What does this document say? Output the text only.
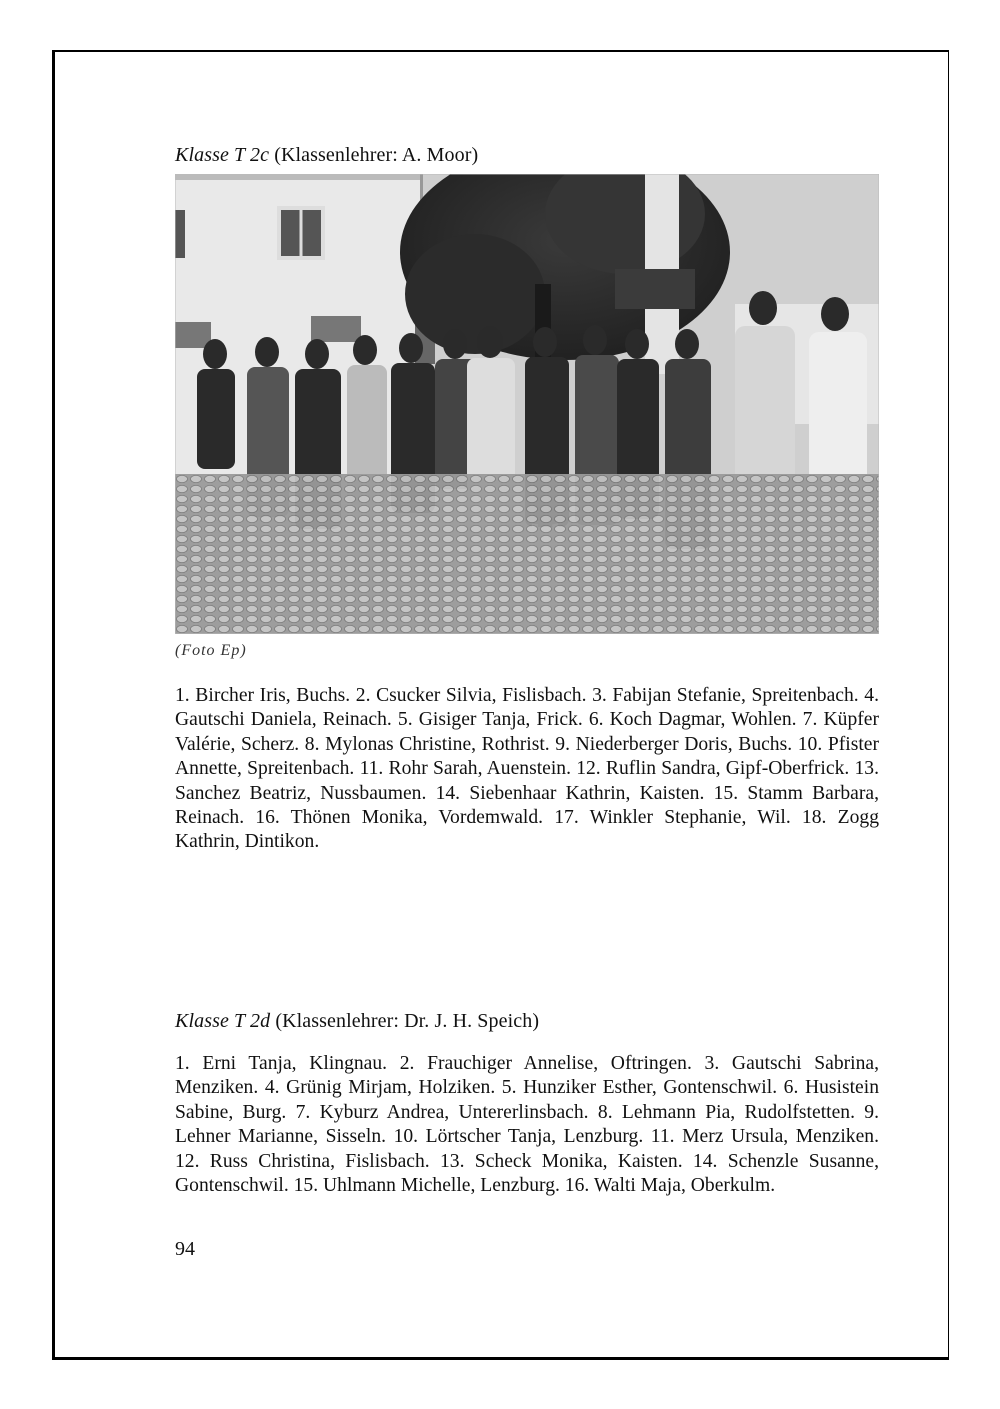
Klasse T 2c (Klassenlehrer: A. Moor)
(Foto Ep)

1. Bircher Iris, Buchs. 2. Csucker Silvia, Fislisbach. 3. Fabijan Stefanie, Spreitenbach. 4. Gautschi Daniela, Reinach. 5. Gisiger Tanja, Frick. 6. Koch Dagmar, Wohlen. 7. Küpfer Valérie, Scherz. 8. Mylonas Christine, Rothrist. 9. Niederberger Doris, Buchs. 10. Pfister Annette, Spreitenbach. 11. Rohr Sarah, Auenstein. 12. Ruflin Sandra, Gipf-Oberfrick. 13. Sanchez Beatriz, Nussbaumen. 14. Siebenhaar Kathrin, Kaisten. 15. Stamm Barbara, Reinach. 16. Thönen Monika, Vordemwald. 17. Winkler Stephanie, Wil. 18. Zogg Kathrin, Dintikon.

Klasse T 2d (Klassenlehrer: Dr. J. H. Speich)

1. Erni Tanja, Klingnau. 2. Frauchiger Annelise, Oftringen. 3. Gautschi Sabrina, Menziken. 4. Grünig Mirjam, Holziken. 5. Hunziker Esther, Gontenschwil. 6. Husistein Sabine, Burg. 7. Kyburz Andrea, Untererlinsbach. 8. Lehmann Pia, Rudolfstetten. 9. Lehner Marianne, Sisseln. 10. Lörtscher Tanja, Lenzburg. 11. Merz Ursula, Menziken. 12. Russ Christina, Fislisbach. 13. Scheck Monika, Kaisten. 14. Schenzle Susanne, Gontenschwil. 15. Uhlmann Michelle, Lenzburg. 16. Walti Maja, Oberkulm.

94
